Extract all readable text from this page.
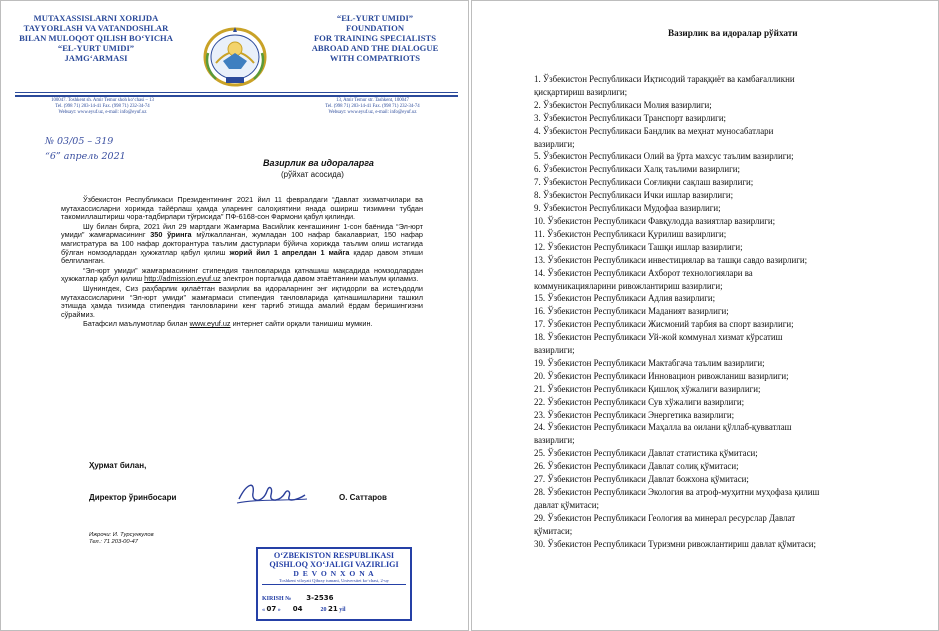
MUTAXASSISLARNI XORIJDA
TAYYORLASH VA VATANDOSHLAR
BILAN MULOQOT QILISH BO‘YICHA
“EL-YURT UMIDI”
JAMG‘ARMASI
“EL-YURT UMIDI”
FOUNDATION
FOR TRAINING SPECIALISTS
ABROAD AND THE DIALOGUE
WITH COMPATRIOTS
100047. Toshkent sh. Amir Temur shoh ko‘chasi – 13
Tel. (998 71) 203-14-41 Fax. (998 71) 232-34-74
Websayt: www.eyuf.uz, e-mail: info@eyuf.uz
13, Amir Temur str. Tashkent, 100047
Tel. (998 71) 203-14-41 Fax. (998 71) 232-34-74
Websayt: www.eyuf.uz, e-mail: info@eyuf.uz
№ 03/05 – 319
“6” апрель 2021
Вазирлик ва идораларга
(рўйхат асосида)

Ўзбекистон Республикаси Президентининг 2021 йил 11 февралдаги “Давлат хизматчилари ва мутахассисларни хорижда тайёрлаш ҳамда уларнинг салоҳиятини янада ошириш тизимини тубдан такомиллаштириш чора-тадбирлари тўғрисида” ПФ-6168-сон Фармони қабул қилинди.

Шу билан бирга, 2021 йил 29 мартдаги Жамғарма Васийлик кенгашининг 1-сон баёнида “Эл-юрт умиди” жамғармасининг 350 ўринга мўлжалланган, жумладан 100 нафар бакалавриат, 150 нафар магистратура ва 100 нафар докторантура таълим дастурлари бўйича хорижда таълим олиш истагида бўлган номзодлардан ҳужжатлар қабул қилиш жорий йил 1 апрелдан 1 майга қадар давом этиши белгиланган.

“Эл-юрт умиди” жамғармасининг стипендия танловларида қатнашиш мақсадида номзодлардан ҳужжатлар қабул қилиш http://admission.eyuf.uz электрон порталида давом этаётганини маълум қиламиз.

Шунингдек, Сиз раҳбарлик қилаётган вазирлик ва идораларнинг энг иқтидорли ва истеъдодли мутахассисларини “Эл-юрт умиди” жамғармаси стипендия танловларида қатнашишларини ташкил этишда ҳамда тизимда стипендия танловларини кенг тарғиб этишда амалий ёрдам беришингизни сўраймиз.

Батафсил маълумотлар билан www.eyuf.uz интернет сайти орқали танишиш мумкин.

Ҳурмат билан,
Директор ўринбосари	О. Саттаров
Ижрочи: И. Турсункулов
Тел.: 71 203-00-47
O‘ZBEKISTON RESPUBLIKASI
QISHLOQ XO‘JALIGI VAZIRLIGI
D E V O N X O N A
Toshkent viloyati Qibray tumani, Universitet ko‘chasi, 2-uy
KIRISH № 3-2536
« 07 »        04	20 21 yil
Вазирлик ва идоралар рўйхати
1. Ўзбекистон Республикаси Иқтисодий тараққиёт ва камбағалликни
қисқартириш вазирлиги;
2. Ўзбекистон Республикаси Молия вазирлиги;
3. Ўзбекистон Республикаси Транспорт вазирлиги;
4. Ўзбекистон Республикаси Бандлик ва меҳнат муносабатлари
вазирлиги;
5. Ўзбекистон Республикаси Олий ва ўрта махсус таълим вазирлиги;
6. Ўзбекистон Республикаси Халқ таълими вазирлиги;
7. Ўзбекистон Республикаси Соғлиқни сақлаш вазирлиги;
8. Ўзбекистон Республикаси Ички ишлар вазирлиги;
9. Ўзбекистон Республикаси Мудофаа вазирлиги;
10. Ўзбекистон Республикаси Фавқулодда вазиятлар вазирлиги;
11. Ўзбекистон Республикаси Қурилиш вазирлиги;
12. Ўзбекистон Республикаси Ташқи ишлар вазирлиги;
13. Ўзбекистон Республикаси инвестициялар ва ташқи савдо вазирлиги;
14. Ўзбекистон Республикаси Ахборот технологиялари ва
коммуникацияларини ривожлантириш вазирлиги;
15. Ўзбекистон Республикаси Адлия вазирлиги;
16. Ўзбекистон Республикаси Маданият вазирлиги;
17. Ўзбекистон Республикаси Жисмоний тарбия ва спорт вазирлиги;
18. Ўзбекистон Республикаси Уй-жой коммунал хизмат кўрсатиш
вазирлиги;
19. Ўзбекистон Республикаси Мактабгача таълим вазирлиги;
20. Ўзбекистон Республикаси Инновацион ривожланиш вазирлиги;
21. Ўзбекистон Республикаси Қишлоқ хўжалиги вазирлиги;
22. Ўзбекистон Республикаси Сув хўжалиги вазирлиги;
23. Ўзбекистон Республикаси Энергетика вазирлиги;
24. Ўзбекистон Республикаси Маҳалла ва оилани қўллаб-қувватлаш
вазирлиги;
25. Ўзбекистон Республикаси Давлат статистика қўмитаси;
26. Ўзбекистон Республикаси Давлат солиқ қўмитаси;
27. Ўзбекистон Республикаси Давлат божхона қўмитаси;
28. Ўзбекистон Республикаси Экология ва атроф-муҳитни муҳофаза қилиш
давлат қўмитаси;
29. Ўзбекистон Республикаси Геология ва минерал ресурслар Давлат
қўмитаси;
30. Ўзбекистон Республикаси Туризмни ривожлантириш давлат қўмитаси;
